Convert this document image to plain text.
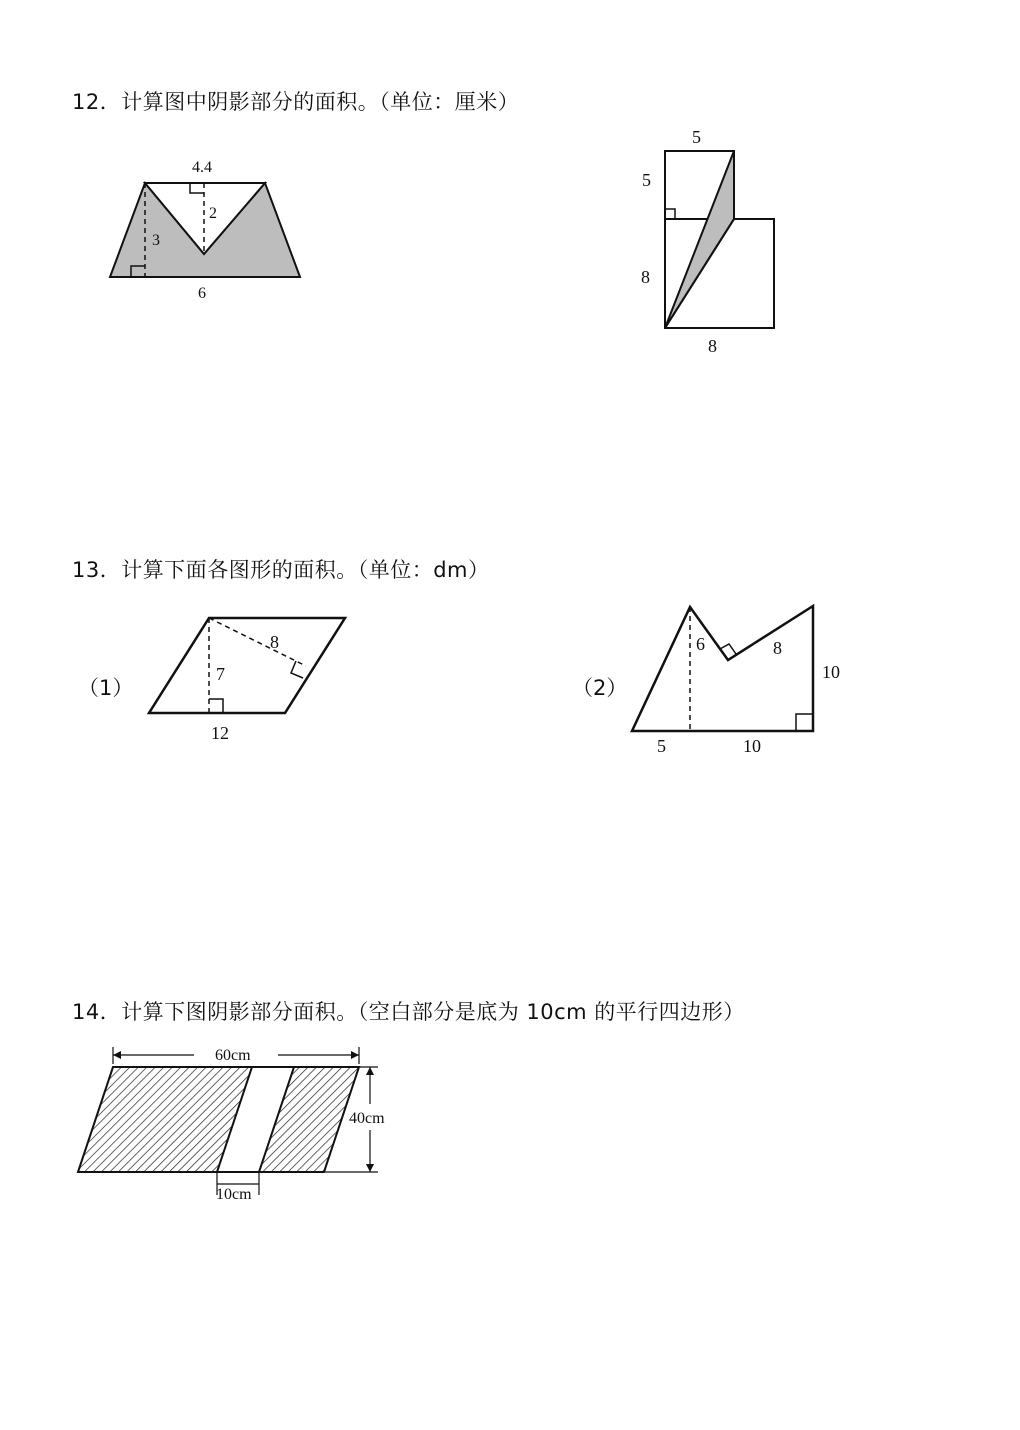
12．计算图中阴影部分的面积。（单位：厘米）
13．计算下面各图形的面积。（单位：dm）
14．计算下图阴影部分面积。（空白部分是底为 10cm 的平行四边形）
（1）	（2）
4.4
2
3
6
5
5
8
8
7
8
12
6	8
10
5	10
60cm
40cm
10cm
